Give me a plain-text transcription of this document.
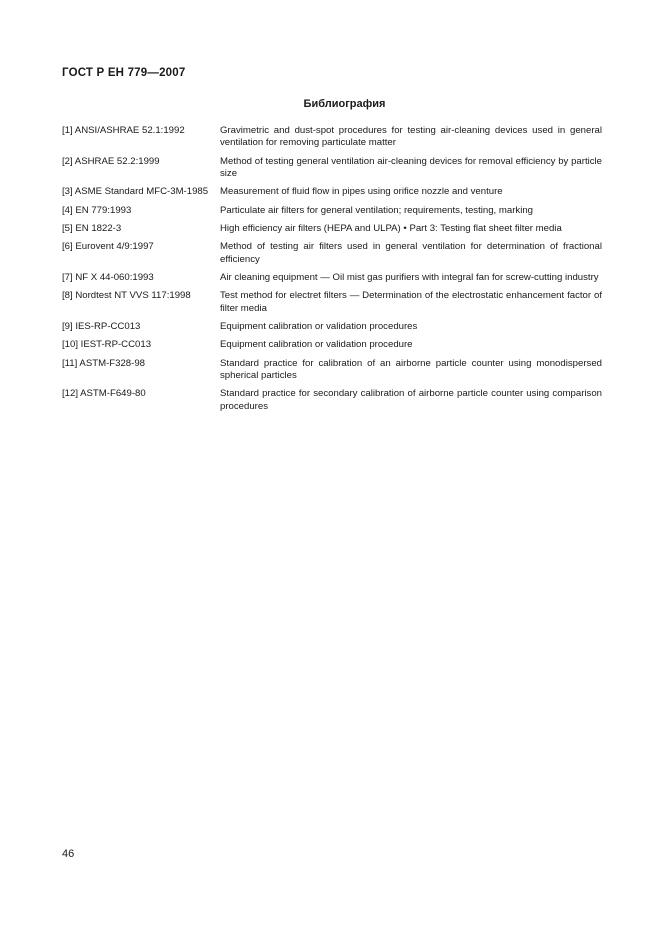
ГОСТ Р ЕН 779—2007
Библиография
[1] ANSI/ASHRAE 52.1:1992	Gravimetric and dust-spot procedures for testing air-cleaning devices used in general ventilation for removing particulate matter
[2] ASHRAE 52.2:1999	Method of testing general ventilation air-cleaning devices for removal efficiency by particle size
[3] ASME Standard MFC-3M-1985	Measurement of fluid flow in pipes using orifice nozzle and venture
[4] EN 779:1993	Particulate air filters for general ventilation; requirements, testing, marking
[5] EN 1822-3	High efficiency air filters (HEPA and ULPA) • Part 3: Testing flat sheet filter media
[6] Eurovent 4/9:1997	Method of testing air filters used in general ventilation for determination of fractional efficiency
[7] NF X 44-060:1993	Air cleaning equipment — Oil mist gas purifiers with integral fan for screw-cutting industry
[8] Nordtest NT VVS 117:1998	Test method for electret filters — Determination of the electrostatic enhancement factor of filter media
[9] IES-RP-CC013	Equipment calibration or validation procedures
[10] IEST-RP-CC013	Equipment calibration or validation procedure
[11] ASTM-F328-98	Standard practice for calibration of an airborne particle counter using monodispersed spherical particles
[12] ASTM-F649-80	Standard practice for secondary calibration of airborne particle counter using comparison procedures
46
